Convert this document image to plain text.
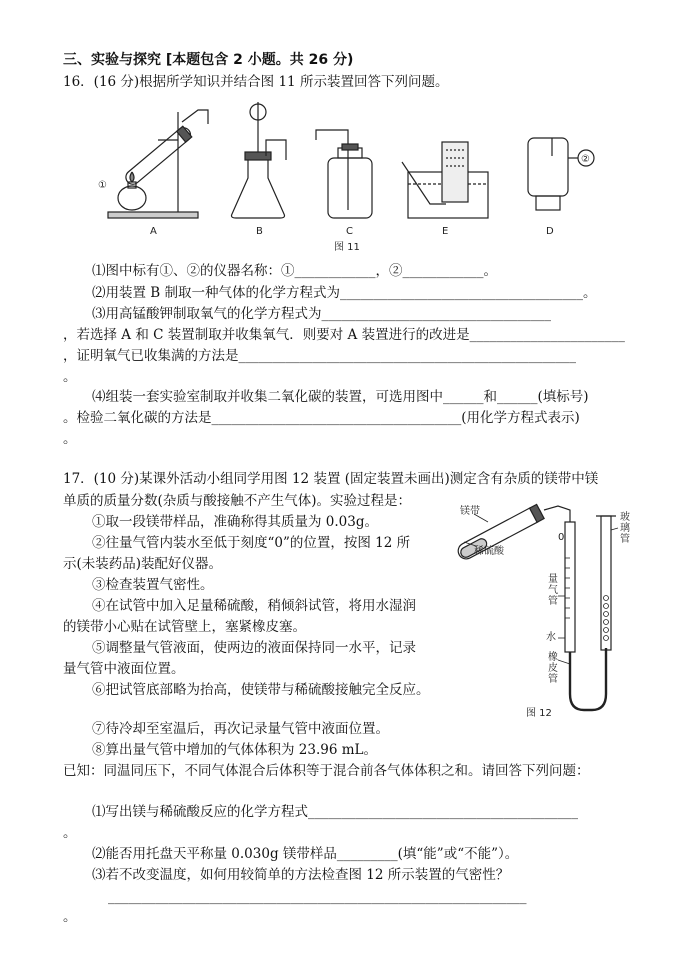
三、实验与探究 [本题包含 2 小题。共 26 分)
16．(16 分)根据所学知识并结合图 11 所示装置回答下列问题。
①
②
A	B	C	E	D
图 11
⑴图中标有①、②的仪器名称：①____________，②____________。
⑵用装置 B 制取一种气体的化学方程式为____________________________________。
⑶用高锰酸钾制取氧气的化学方程式为__________________________________
，若选择 A 和 C 装置制取并收集氧气．则要对 A 装置进行的改进是_______________________
，证明氧气已收集满的方法是__________________________________________________
。
⑷组装一套实验室制取并收集二氧化碳的装置，可选用图中______和______(填标号)
。检验二氧化碳的方法是_____________________________________(用化学方程式表示)
。
17．(10 分)某课外活动小组同学用图 12 装置 (固定装置未画出)测定含有杂质的镁带中镁
单质的质量分数(杂质与酸接触不产生气体)。实验过程是：
①取一段镁带样品，准确称得其质量为 0.03g。
②往量气管内装水至低于刻度“0”的位置，按图 12 所
示(未装药品)装配好仪器。
③检查装置气密性。
④在试管中加入足量稀硫酸，稍倾斜试管，将用水湿润
的镁带小心贴在试管壁上，塞紧橡皮塞。
⑤调整量气管液面，使两边的液面保持同一水平，记录
量气管中液面位置。
⑥把试管底部略为抬高，使镁带与稀硫酸接触完全反应。
⑦待冷却至室温后，再次记录量气管中液面位置。
⑧算出量气管中增加的气体体积为 23.96 mL。
已知：同温同压下，不同气体混合后体积等于混合前各气体体积之和。请回答下列问题：
镁带
稀硫酸
0
量
气
管
水
橡
皮
管
玻
璃
管
图 12
⑴写出镁与稀硫酸反应的化学方程式________________________________________
。
⑵能否用托盘天平称量 0.030g 镁带样品_________(填“能”或“不能”）。
⑶若不改变温度，如何用较简单的方法检查图 12 所示装置的气密性？
______________________________________________________________
。
